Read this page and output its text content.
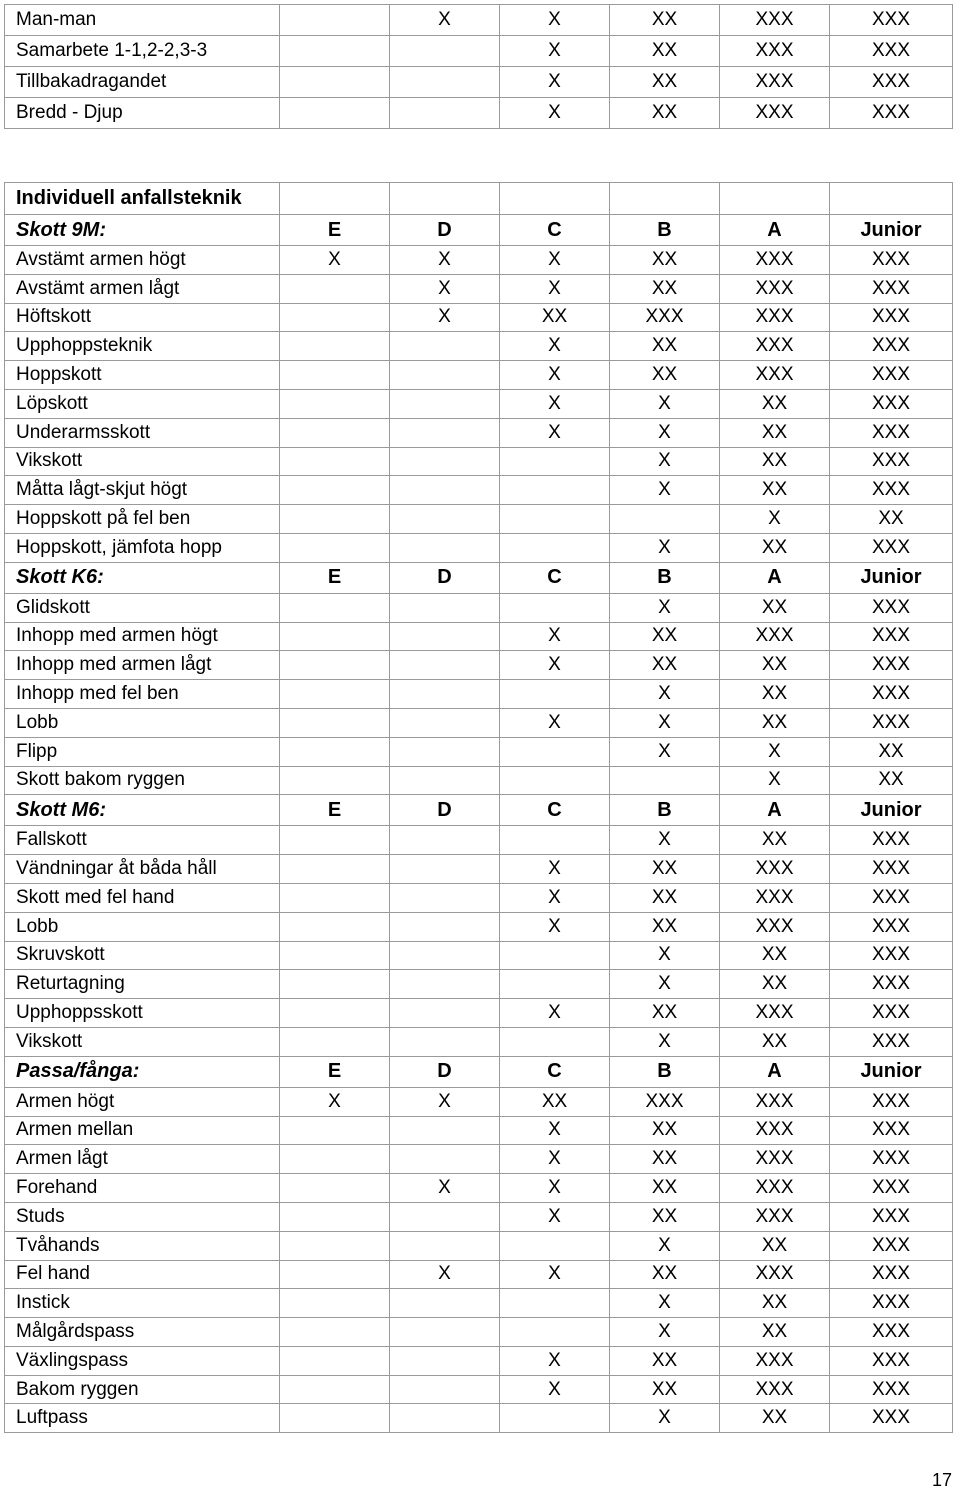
Man-man		X	X	XX	XXX	XXX
Samarbete 1-1,2-2,3-3			X	XX	XXX	XXX
Tillbakadragandet			X	XX	XXX	XXX
Bredd - Djup			X	XX	XXX	XXX
Individuell anfallsteknik						
Skott 9M:	E	D	C	B	A	Junior
Avstämt armen högt	X	X	X	XX	XXX	XXX
Avstämt armen lågt		X	X	XX	XXX	XXX
Höftskott		X	XX	XXX	XXX	XXX
Upphoppsteknik			X	XX	XXX	XXX
Hoppskott			X	XX	XXX	XXX
Löpskott			X	X	XX	XXX
Underarmsskott			X	X	XX	XXX
Vikskott				X	XX	XXX
Måtta lågt-skjut högt				X	XX	XXX
Hoppskott på fel ben					X	XX
Hoppskott, jämfota hopp				X	XX	XXX
Skott K6:	E	D	C	B	A	Junior
Glidskott				X	XX	XXX
Inhopp med armen högt			X	XX	XXX	XXX
Inhopp med armen lågt			X	XX	XX	XXX
Inhopp med fel ben				X	XX	XXX
Lobb			X	X	XX	XXX
Flipp				X	X	XX
Skott bakom ryggen					X	XX
Skott M6:	E	D	C	B	A	Junior
Fallskott				X	XX	XXX
Vändningar åt båda håll			X	XX	XXX	XXX
Skott med fel hand			X	XX	XXX	XXX
Lobb			X	XX	XXX	XXX
Skruvskott				X	XX	XXX
Returtagning				X	XX	XXX
Upphoppsskott			X	XX	XXX	XXX
Vikskott				X	XX	XXX
Passa/fånga:	E	D	C	B	A	Junior
Armen högt	X	X	XX	XXX	XXX	XXX
Armen mellan			X	XX	XXX	XXX
Armen lågt			X	XX	XXX	XXX
Forehand		X	X	XX	XXX	XXX
Studs			X	XX	XXX	XXX
Tvåhands				X	XX	XXX
Fel hand		X	X	XX	XXX	XXX
Instick				X	XX	XXX
Målgårdspass				X	XX	XXX
Växlingspass			X	XX	XXX	XXX
Bakom ryggen			X	XX	XXX	XXX
Luftpass				X	XX	XXX
17
